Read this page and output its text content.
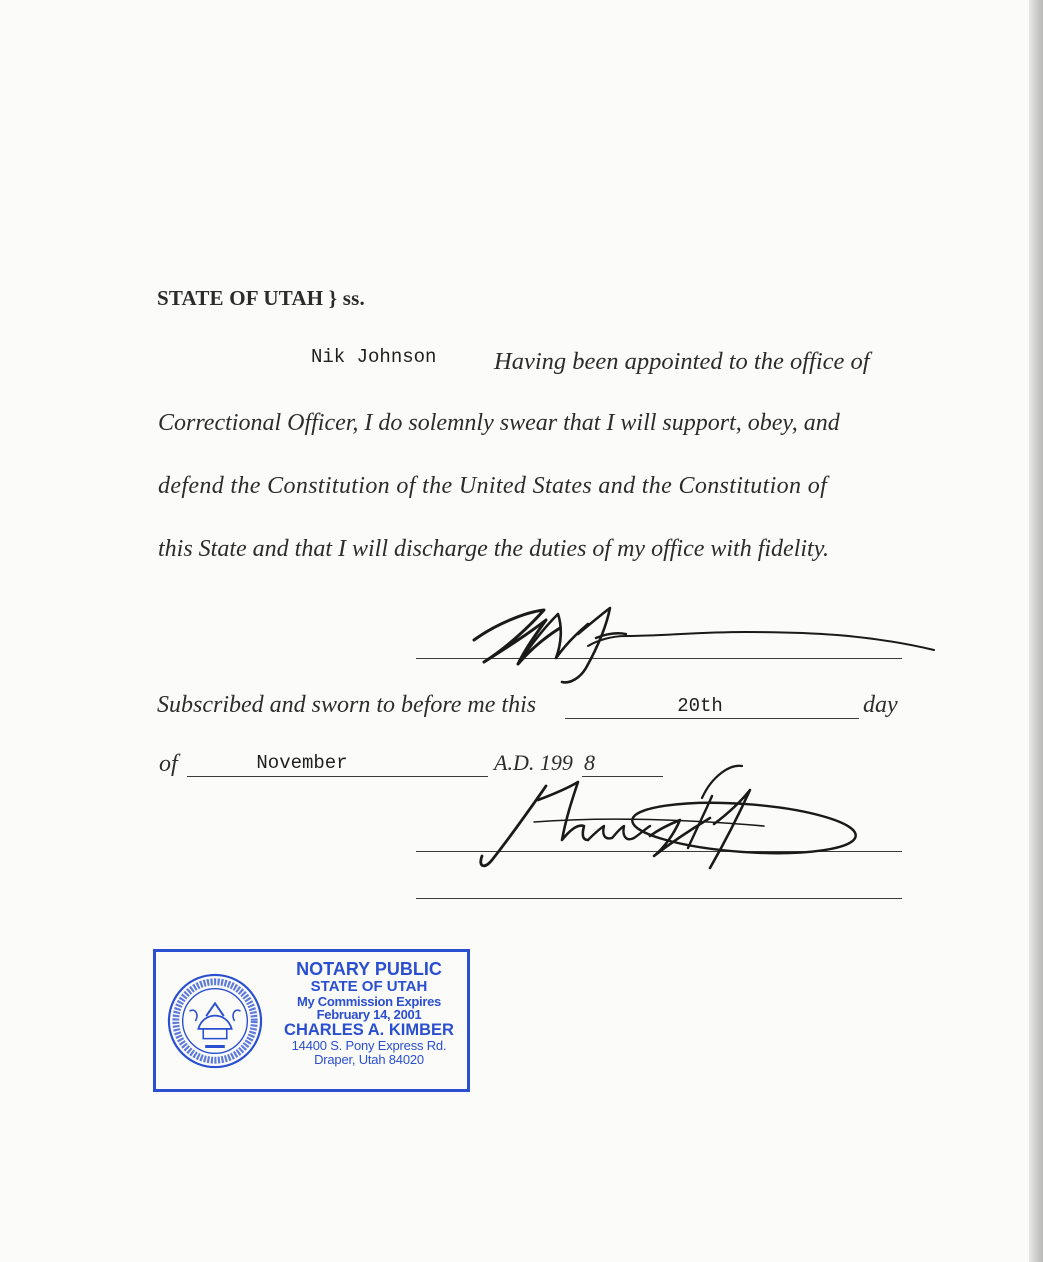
STATE OF UTAH } ss.
Nik Johnson Having been appointed to the office of
Correctional Officer, I do solemnly swear that I will support, obey, and
defend the Constitution of the United States and the Constitution of
this State and that I will discharge the duties of my office with fidelity.
Subscribed and sworn to before me this	20th	day
of	November	A.D. 199 8
NOTARY PUBLIC
STATE OF UTAH
My Commission Expires
February 14, 2001
CHARLES A. KIMBER
14400 S. Pony Express Rd.
Draper, Utah 84020
